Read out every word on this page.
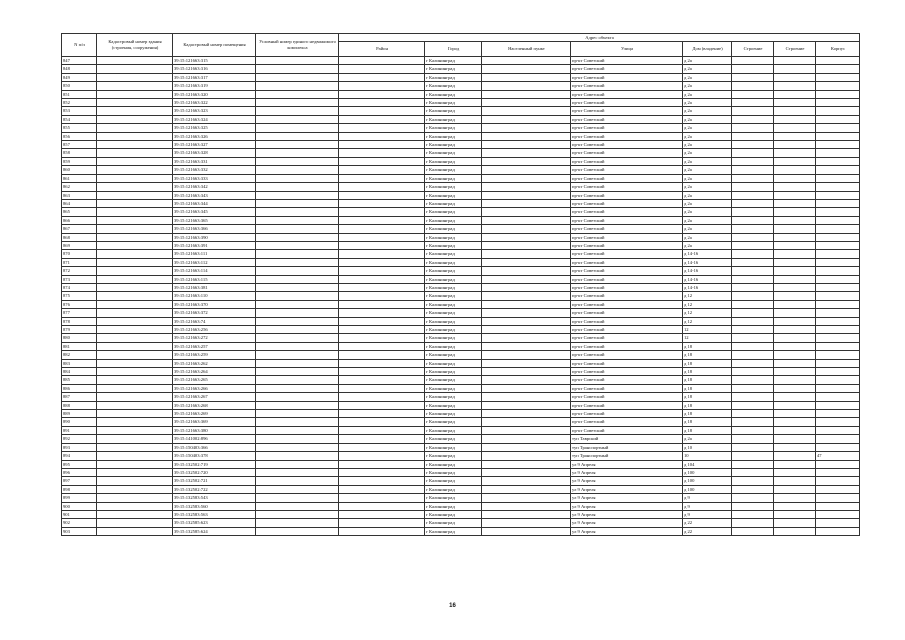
N п/п	Кадастровый номер здания (строения, сооружения)	Кадастровый номер помещения	Условный номер единого недвижимого комплекса	Адрес объекта							
				Район	Город	Населенный пункт	Улица	Дом (владение)	Строение	Строение	Корпус
847		39:15:121663:315			г Калининград		пр-кт Советский	д 2а			
848		39:15:121663:316			г Калининград		пр-кт Советский	д 2а			
849		39:15:121663:317			г Калининград		пр-кт Советский	д 2а			
850		39:15:121663:319			г Калининград		пр-кт Советский	д 2а			
851		39:15:121663:320			г Калининград		пр-кт Советский	д 2а			
852		39:15:121663:322			г Калининград		пр-кт Советский	д 2а			
853		39:15:121663:323			г Калининград		пр-кт Советский	д 2а			
854		39:15:121663:324			г Калининград		пр-кт Советский	д 2а			
855		39:15:121663:325			г Калининград		пр-кт Советский	д 2а			
856		39:15:121663:326			г Калининград		пр-кт Советский	д 2а			
857		39:15:121663:327			г Калининград		пр-кт Советский	д 2а			
858		39:15:121663:328			г Калининград		пр-кт Советский	д 2а			
859		39:15:121663:331			г Калининград		пр-кт Советский	д 2а			
860		39:15:121663:332			г Калининград		пр-кт Советский	д 2а			
861		39:15:121663:333			г Калининград		пр-кт Советский	д 2а			
862		39:15:121663:342			г Калининград		пр-кт Советский	д 2а			
863		39:15:121663:343			г Калининград		пр-кт Советский	д 2а			
864		39:15:121663:344			г Калининград		пр-кт Советский	д 2а			
865		39:15:121663:345			г Калининград		пр-кт Советский	д 2а			
866		39:15:121663:365			г Калининград		пр-кт Советский	д 2а			
867		39:15:121663:366			г Калининград		пр-кт Советский	д 2а			
868		39:15:121663:390			г Калининград		пр-кт Советский	д 2а			
869		39:15:121663:391			г Калининград		пр-кт Советский	д 2а			
870		39:15:121663:111			г Калининград		пр-кт Советский	д 14-16			
871		39:15:121663:112			г Калининград		пр-кт Советский	д 14-16			
872		39:15:121663:114			г Калининград		пр-кт Советский	д 14-16			
873		39:15:121663:115			г Калининград		пр-кт Советский	д 14-16			
874		39:15:121663:381			г Калининград		пр-кт Советский	д 14-16			
875		39:15:121663:110			г Калининград		пр-кт Советский	д 12			
876		39:15:121663:370			г Калининград		пр-кт Советский	д 12			
877		39:15:121663:372			г Калининград		пр-кт Советский	д 12			
878		39:15:121663:74			г Калининград		пр-кт Советский	д 12			
879		39:15:121663:256			г Калининград		пр-кт Советский	12			
880		39:15:121663:272			г Калининград		пр-кт Советский	12			
881		39:15:121663:257			г Калининград		пр-кт Советский	д 18			
882		39:15:121663:259			г Калининград		пр-кт Советский	д 18			
883		39:15:121663:262			г Калининград		пр-кт Советский	д 18			
884		39:15:121663:264			г Калининград		пр-кт Советский	д 18			
885		39:15:121663:265			г Калининград		пр-кт Советский	д 18			
886		39:15:121663:266			г Калининград		пр-кт Советский	д 18			
887		39:15:121663:267			г Калининград		пр-кт Советский	д 18			
888		39:15:121663:268			г Калининград		пр-кт Советский	д 18			
889		39:15:121663:269			г Калининград		пр-кт Советский	д 18			
890		39:15:121663:369			г Калининград		пр-кт Советский	д 18			
891		39:15:121663:380			г Калининград		пр-кт Советский	д 18			
892		39:15:141002:896			г Калининград		туп Таврский	д 2а			
893		39:15:150403:366			г Калининград		туп Транспортный	д 10			
894		39:15:150403:378			г Калининград		туп Транспортный	10			47
895		39:15:132502:719			г Калининград		ул 9 Апреля	д 104			
896		39:15:132502:720			г Калининград		ул 9 Апреля	д 100			
897		39:15:132502:721			г Калининград		ул 9 Апреля	д 100			
898		39:15:132502:722			г Калининград		ул 9 Апреля	д 100			
899		39:15:132583:543			г Калининград		ул 9 Апреля	д 9			
900		39:15:132583:560			г Калининград		ул 9 Апреля	д 9			
901		39:15:132583:563			г Калининград		ул 9 Апреля	д 9			
902		39:15:132585:623			г Калининград		ул 9 Апреля	д 22			
903		39:15:132585:624			г Калининград		ул 9 Апреля	д 22			
16
